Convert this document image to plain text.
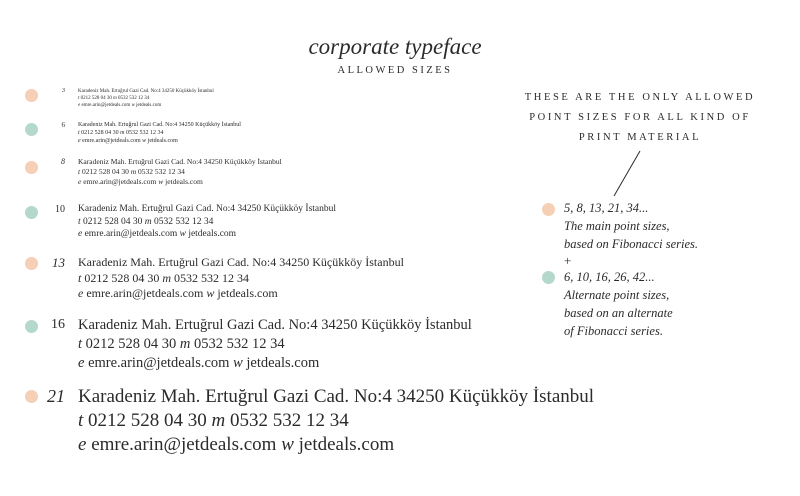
corporate typeface
ALLOWED SIZES
3	Karadeniz Mah. Ertuğrul Gazi Cad. No:4 34250 Küçükköy İstanbul
t 0212 528 04 30 m 0532 532 12 34
e emre.arin@jetdeals.com w jetdeals.com
6 Karadeniz Mah. Ertuğrul Gazi Cad. No:4 34250 Küçükköy İstanbul
t 0212 528 04 30 m 0532 532 12 34
e emre.arin@jetdeals.com w jetdeals.com
8 Karadeniz Mah. Ertuğrul Gazi Cad. No:4 34250 Küçükköy İstanbul
t 0212 528 04 30 m 0532 532 12 34
e emre.arin@jetdeals.com w jetdeals.com
10 Karadeniz Mah. Ertuğrul Gazi Cad. No:4 34250 Küçükköy İstanbul
t 0212 528 04 30 m 0532 532 12 34
e emre.arin@jetdeals.com w jetdeals.com
13 Karadeniz Mah. Ertuğrul Gazi Cad. No:4 34250 Küçükköy İstanbul
t 0212 528 04 30 m 0532 532 12 34
e emre.arin@jetdeals.com w jetdeals.com
16 Karadeniz Mah. Ertuğrul Gazi Cad. No:4 34250 Küçükköy İstanbul
t 0212 528 04 30 m 0532 532 12 34
e emre.arin@jetdeals.com w jetdeals.com
21 Karadeniz Mah. Ertuğrul Gazi Cad. No:4 34250 Küçükköy İstanbul
t 0212 528 04 30 m 0532 532 12 34
e emre.arin@jetdeals.com w jetdeals.com
THESE ARE THE ONLY ALLOWED POINT SIZES FOR ALL KIND OF PRINT MATERIAL
5, 8, 13, 21, 34...
The main point sizes,
based on Fibonacci series.
+
6, 10, 16, 26, 42...
Alternate point sizes,
based on an alternate
of Fibonacci series.
